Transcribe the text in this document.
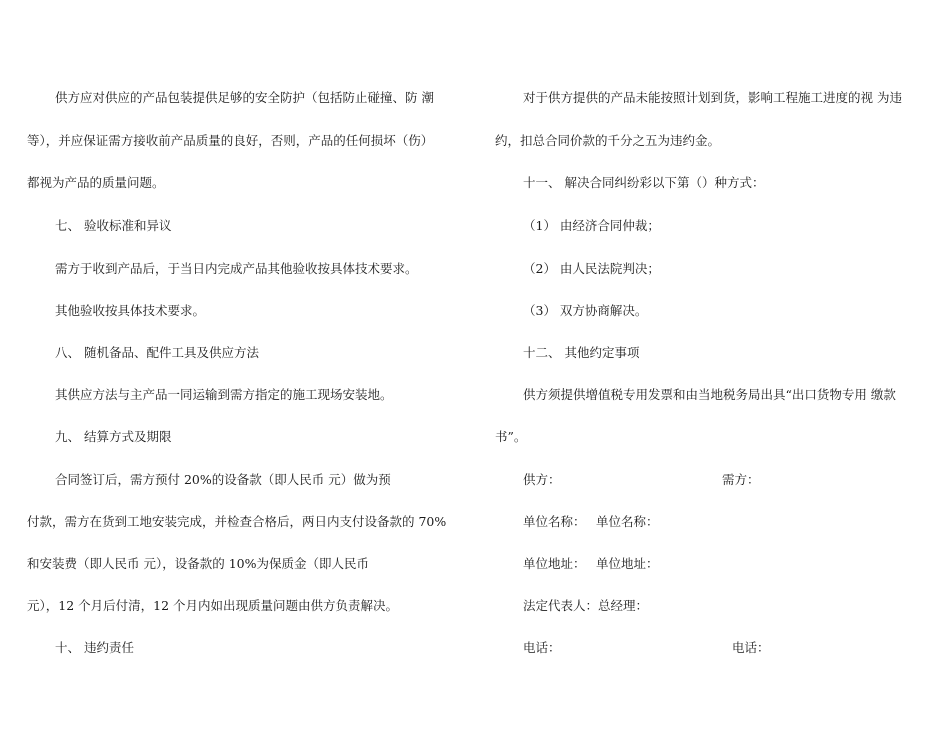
供方应对供应的产品包装提供足够的安全防护（包括防止碰撞、防 潮
等），并应保证需方接收前产品质量的良好，否则，产品的任何损坏（伤）
都视为产品的质量问题。
七、 验收标准和异议
需方于收到产品后，于当日内完成产品其他验收按具体技术要求。
其他验收按具体技术要求。
八、 随机备品、配件工具及供应方法
其供应方法与主产品一同运输到需方指定的施工现场安装地。
九、 结算方式及期限
合同签订后，需方预付 20%的设备款（即人民币 元）做为预
付款，需方在货到工地安装完成，并检查合格后，两日内支付设备款的 70%
和安装费（即人民币 元），设备款的 10%为保质金（即人民币
元），12 个月后付清，12 个月内如出现质量问题由供方负责解决。
十、 违约责任
对于供方提供的产品未能按照计划到货，影响工程施工进度的视 为违
约，扣总合同价款的千分之五为违约金。
十一、 解决合同纠纷彩以下第（）种方式：
（1） 由经济合同仲裁；
（2） 由人民法院判决；
（3） 双方协商解决。
十二、 其他约定事项
供方须提供增值税专用发票和由当地税务局出具“出口货物专用 缴款
书”。
供方：	需方：
单位名称： 单位名称：
单位地址： 单位地址：
法定代表人：总经理：
电话：	电话：
